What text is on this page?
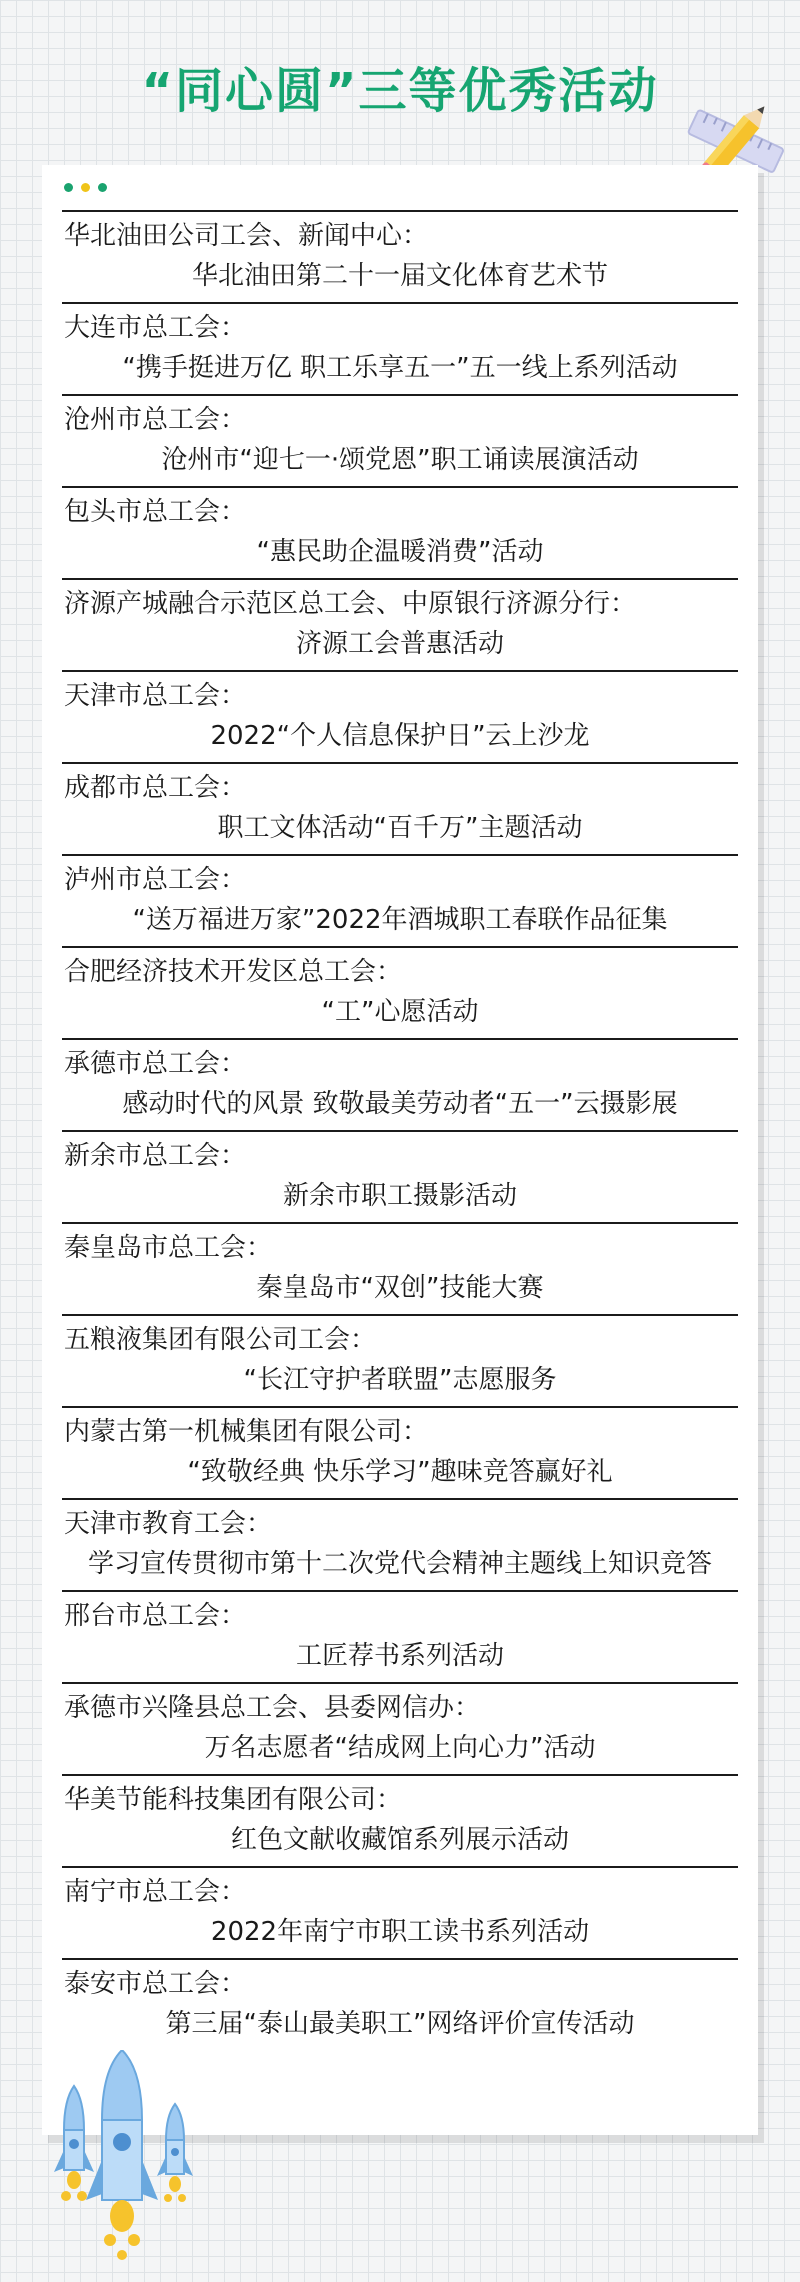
“同心圆”三等优秀活动
华北油田公司工会、新闻中心：
华北油田第二十一届文化体育艺术节
大连市总工会：
“携手挺进万亿 职工乐享五一”五一线上系列活动
沧州市总工会：
沧州市“迎七一·颂党恩”职工诵读展演活动
包头市总工会：
“惠民助企温暖消费”活动
济源产城融合示范区总工会、中原银行济源分行：
济源工会普惠活动
天津市总工会：
2022“个人信息保护日”云上沙龙
成都市总工会：
职工文体活动“百千万”主题活动
泸州市总工会：
“送万福进万家”2022年酒城职工春联作品征集
合肥经济技术开发区总工会：
“工”心愿活动
承德市总工会：
感动时代的风景 致敬最美劳动者“五一”云摄影展
新余市总工会：
新余市职工摄影活动
秦皇岛市总工会：
秦皇岛市“双创”技能大赛
五粮液集团有限公司工会：
“长江守护者联盟”志愿服务
内蒙古第一机械集团有限公司：
“致敬经典 快乐学习”趣味竞答赢好礼
天津市教育工会：
学习宣传贯彻市第十二次党代会精神主题线上知识竞答
邢台市总工会：
工匠荐书系列活动
承德市兴隆县总工会、县委网信办：
万名志愿者“结成网上向心力”活动
华美节能科技集团有限公司：
红色文献收藏馆系列展示活动
南宁市总工会：
2022年南宁市职工读书系列活动
泰安市总工会：
第三届“泰山最美职工”网络评价宣传活动
